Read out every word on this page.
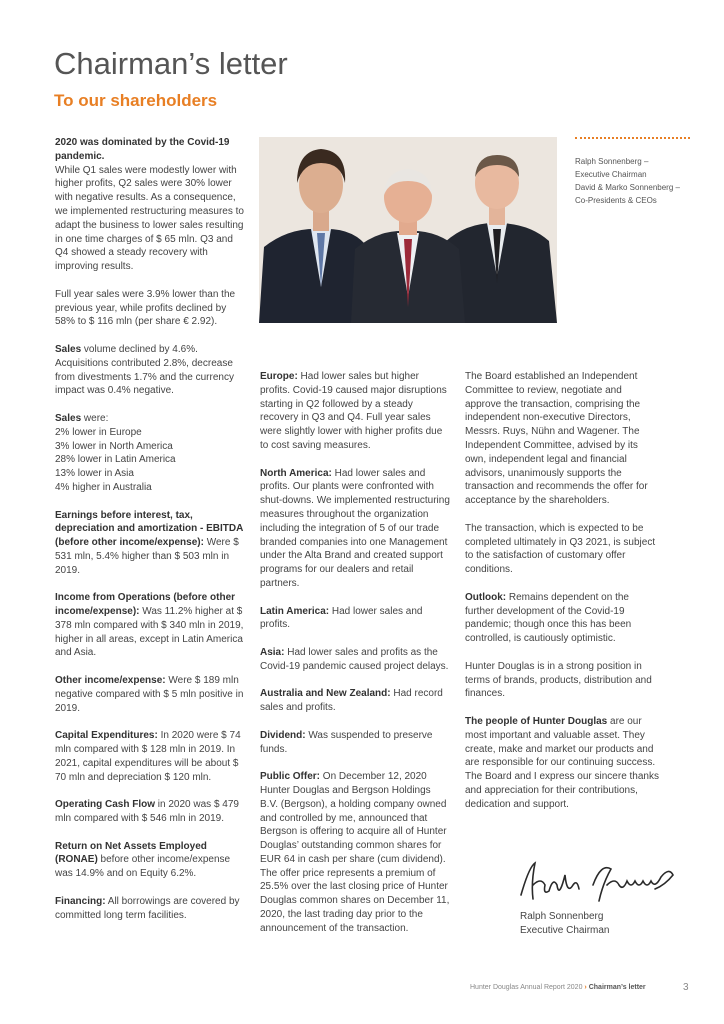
Chairman’s letter
To our shareholders

2020 was dominated by the Covid-19 pandemic.
While Q1 sales were modestly lower with higher profits, Q2 sales were 30% lower with negative results. As a consequence, we implemented restructuring measures to adapt the business to lower sales resulting in one time charges of $ 65 mln. Q3 and Q4 showed a steady recovery with improving results.

Full year sales were 3.9% lower than the previous year, while profits declined by 58% to $ 116 mln (per share € 2.92).

Sales volume declined by 4.6%. Acquisitions contributed 2.8%, decrease from divestments 1.7% and the currency impact was 0.4% negative.

Sales were:
2% lower in Europe
3% lower in North America
28% lower in Latin America
13% lower in Asia
4% higher in Australia

Earnings before interest, tax, depreciation and amortization - EBITDA (before other income/expense): Were $ 531 mln, 5.4% higher than $ 503 mln in 2019.

Income from Operations (before other income/expense): Was 11.2% higher at $ 378 mln compared with $ 340 mln in 2019, higher in all areas, except in Latin America and Asia.

Other income/expense: Were $ 189 mln negative compared with $ 5 mln positive in 2019.

Capital Expenditures: In 2020 were $ 74 mln compared with $ 128 mln in 2019. In 2021, capital expenditures will be about $ 70 mln and depreciation $ 120 mln.

Operating Cash Flow in 2020 was $ 479 mln compared with $ 546 mln in 2019.

Return on Net Assets Employed (RONAE) before other income/expense was 14.9% and on Equity 6.2%.

Financing: All borrowings are covered by committed long term facilities.

Ralph Sonnenberg –
Executive Chairman
David & Marko Sonnenberg –
Co-Presidents & CEOs

Europe: Had lower sales but higher profits. Covid-19 caused major disruptions starting in Q2 followed by a steady recovery in Q3 and Q4. Full year sales were slightly lower with higher profits due to cost saving measures.

North America: Had lower sales and profits. Our plants were confronted with shut-downs. We implemented restructuring measures throughout the organization including the integration of 5 of our trade branded companies into one Management under the Alta Brand and created support programs for our dealers and retail partners.

Latin America: Had lower sales and profits.

Asia: Had lower sales and profits as the Covid-19 pandemic caused project delays.

Australia and New Zealand: Had record sales and profits.

Dividend: Was suspended to preserve funds.

Public Offer: On December 12, 2020 Hunter Douglas and Bergson Holdings B.V. (Bergson), a holding company owned and controlled by me, announced that Bergson is offering to acquire all of Hunter Douglas’ outstanding common shares for EUR 64 in cash per share (cum dividend). The offer price represents a premium of 25.5% over the last closing price of Hunter Douglas common shares on December 11, 2020, the last trading day prior to the announcement of the transaction.

The Board established an Independent Committee to review, negotiate and approve the transaction, comprising the independent non-executive Directors, Messrs. Ruys, Nühn and Wagener. The Independent Committee, advised by its own, independent legal and financial advisors, unanimously supports the transaction and recommends the offer for acceptance by the shareholders.

The transaction, which is expected to be completed ultimately in Q3 2021, is subject to the satisfaction of customary offer conditions.

Outlook: Remains dependent on the further development of the Covid-19 pandemic; though once this has been controlled, is cautiously optimistic.

Hunter Douglas is in a strong position in terms of brands, products, distribution and finances.

The people of Hunter Douglas are our most important and valuable asset. They create, make and market our products and are responsible for our continuing success. The Board and I express our sincere thanks and appreciation for their contributions, dedication and support.

Ralph Sonnenberg
Executive Chairman
Hunter Douglas Annual Report 2020 › Chairman’s letter	3
